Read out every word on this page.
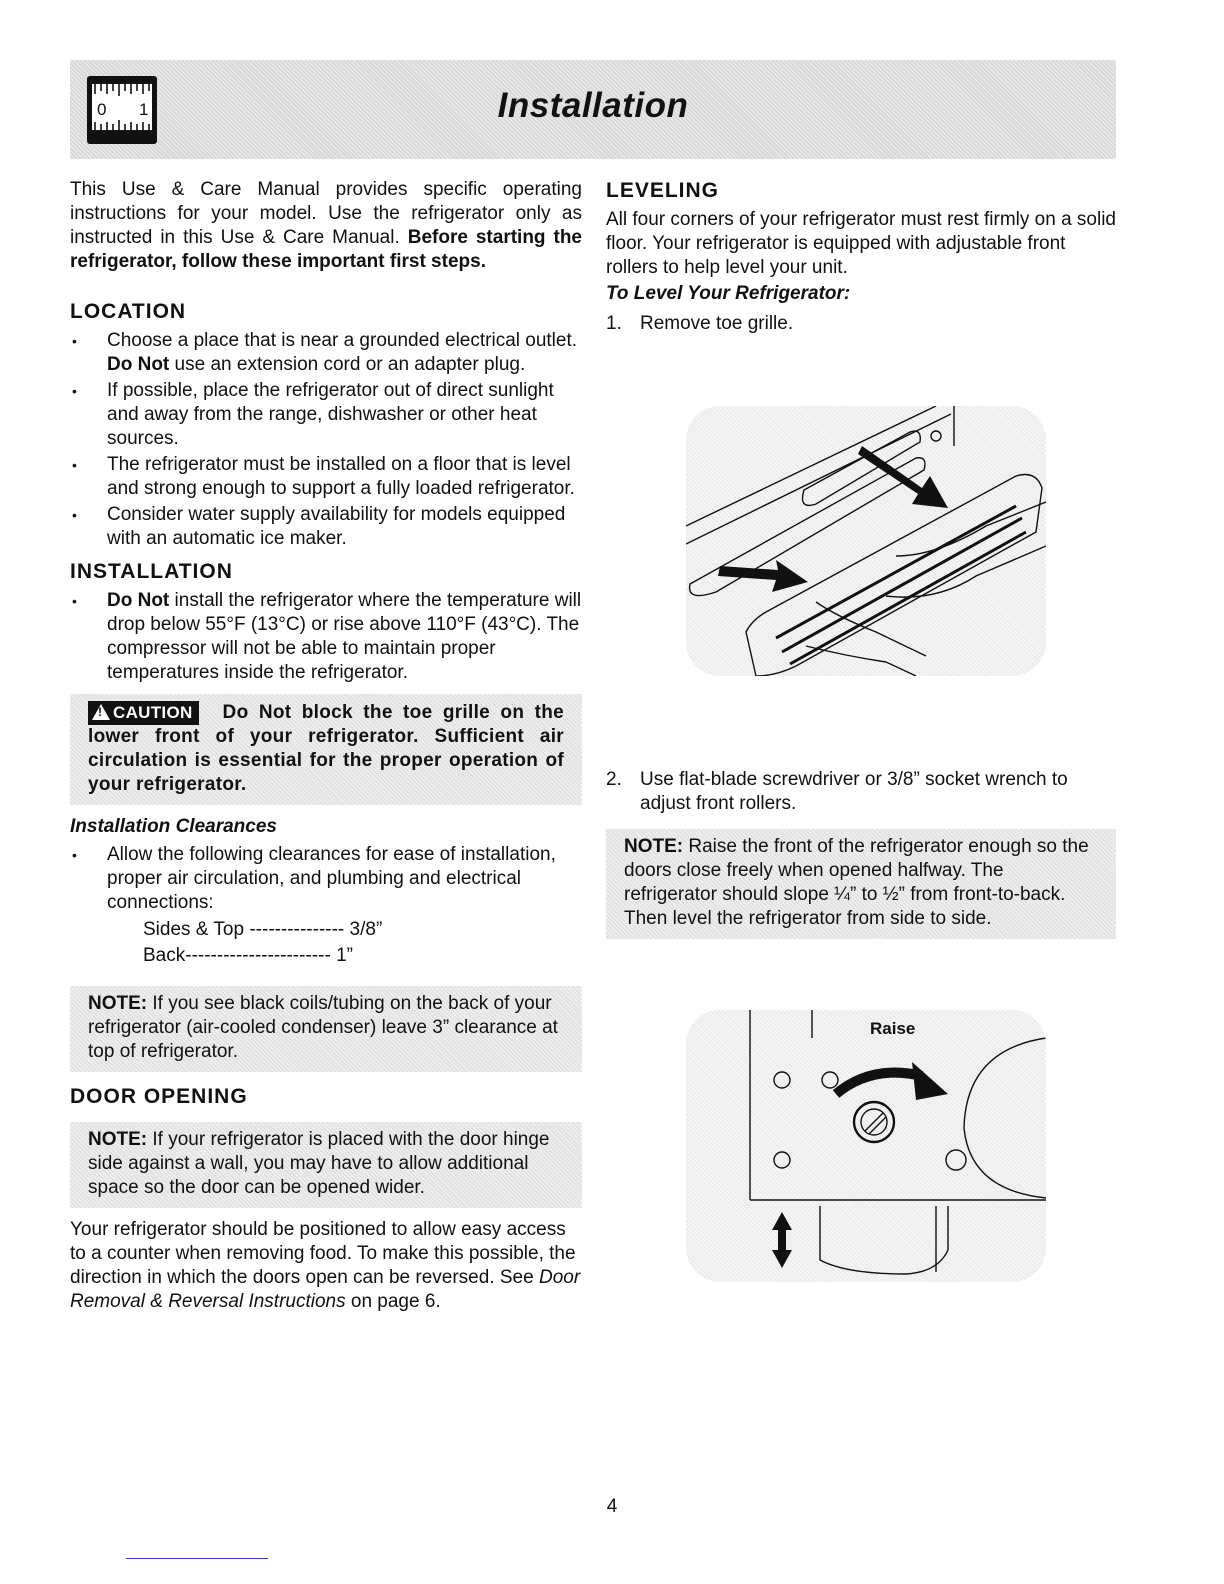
0 1	Installation

This Use & Care Manual provides specific operating instructions for your model. Use the refrigerator only as instructed in this Use & Care Manual. Before starting the refrigerator, follow these important first steps.

LOCATION
• Choose a place that is near a grounded electrical outlet. Do Not use an extension cord or an adapter plug.
• If possible, place the refrigerator out of direct sunlight and away from the range, dishwasher or other heat sources.
• The refrigerator must be installed on a floor that is level and strong enough to support a fully loaded refrigerator.
• Consider water supply availability for models equipped with an automatic ice maker.
INSTALLATION
• Do Not install the refrigerator where the temperature will drop below 55°F (13°C) or rise above 110°F (43°C). The compressor will not be able to maintain proper temperatures inside the refrigerator.
! CAUTION Do Not block the toe grille on the lower front of your refrigerator. Sufficient air circulation is essential for the proper operation of your refrigerator.
Installation Clearances
• Allow the following clearances for ease of installation, proper air circulation, and plumbing and electrical connections:
Sides & Top --------------- 3/8”
Back----------------------- 1”
NOTE: If you see black coils/tubing on the back of your refrigerator (air-cooled condenser) leave 3” clearance at top of refrigerator.
DOOR OPENING
NOTE: If your refrigerator is placed with the door hinge side against a wall, you may have to allow additional space so the door can be opened wider.

Your refrigerator should be positioned to allow easy access to a counter when removing food. To make this possible, the direction in which the doors open can be reversed. See Door Removal & Reversal Instructions on page 6.

LEVELING

All four corners of your refrigerator must rest firmly on a solid floor. Your refrigerator is equipped with adjustable front rollers to help level your unit.

To Level Your Refrigerator:
1. Remove toe grille.
2. Use flat-blade screwdriver or 3/8” socket wrench to adjust front rollers.
NOTE: Raise the front of the refrigerator enough so the doors close freely when opened halfway. The refrigerator should slope ¼” to ½” from front-to-back. Then level the refrigerator from side to side.
Raise
4
